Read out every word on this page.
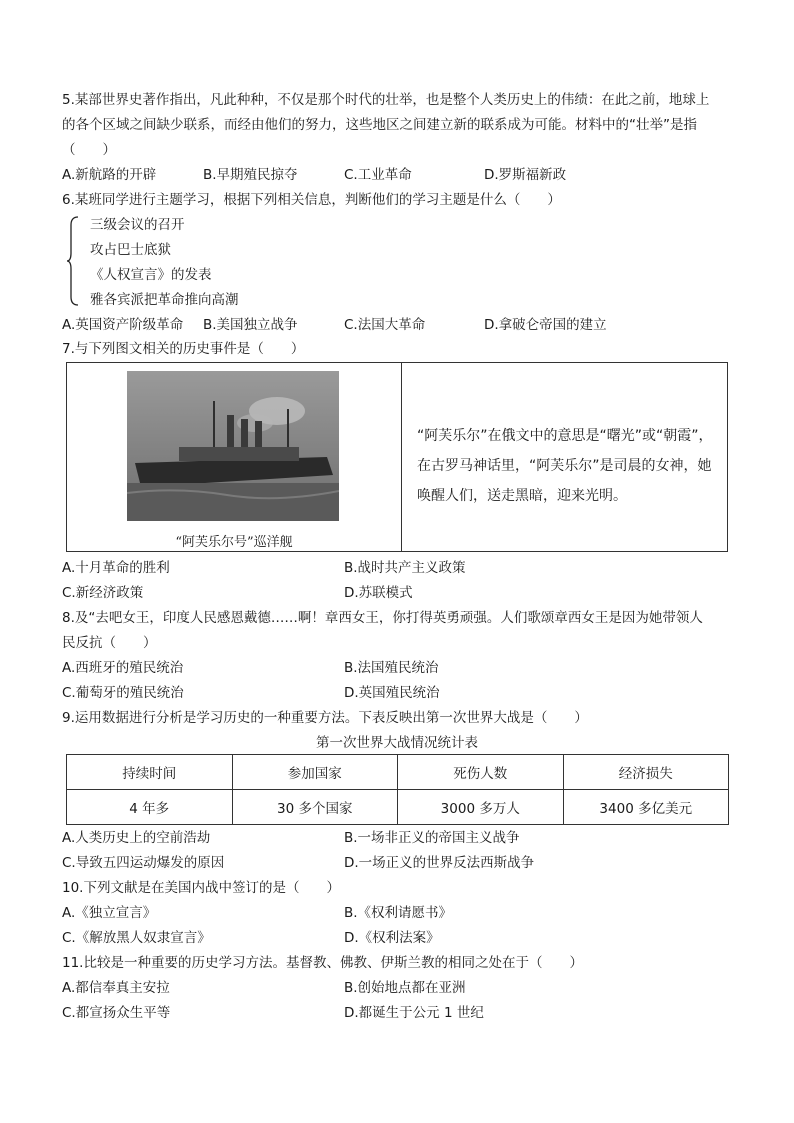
5.某部世界史著作指出，凡此种种，不仅是那个时代的壮举，也是整个人类历史上的伟绩：在此之前，地球上
的各个区域之间缺少联系，而经由他们的努力，这些地区之间建立新的联系成为可能。材料中的“壮举”是指
（　　）
A.新航路的开辟	B.早期殖民掠夺	C.工业革命	D.罗斯福新政
6.某班同学进行主题学习，根据下列相关信息，判断他们的学习主题是什么（　　）
三级会议的召开
攻占巴士底狱
《人权宣言》的发表
雅各宾派把革命推向高潮
A.英国资产阶级革命 B.美国独立战争	C.法国大革命	D.拿破仑帝国的建立
7.与下列图文相关的历史事件是（　　）
“阿芙乐尔号”巡洋舰
“阿芙乐尔”在俄文中的意思是“曙光”或“朝霞”，在古罗马神话里，“阿芙乐尔”是司晨的女神，她唤醒人们，送走黑暗，迎来光明。
A.十月革命的胜利	B.战时共产主义政策
C.新经济政策	D.苏联模式
8.及“去吧女王，印度人民感恩戴德……啊！章西女王，你打得英勇顽强。人们歌颂章西女王是因为她带领人
民反抗（　　）
A.西班牙的殖民统治	B.法国殖民统治
C.葡萄牙的殖民统治	D.英国殖民统治
9.运用数据进行分析是学习历史的一种重要方法。下表反映出第一次世界大战是（　　）
第一次世界大战情况统计表
持续时间	参加国家	死伤人数	经济损失
4 年多	30 多个国家	3000 多万人	3400 多亿美元
A.人类历史上的空前浩劫	B.一场非正义的帝国主义战争
C.导致五四运动爆发的原因	D.一场正义的世界反法西斯战争
10.下列文献是在美国内战中签订的是（　　）
A.《独立宣言》	B.《权利请愿书》
C.《解放黑人奴隶宣言》	D.《权利法案》
11.比较是一种重要的历史学习方法。基督教、佛教、伊斯兰教的相同之处在于（　　）
A.都信奉真主安拉	B.创始地点都在亚洲
C.都宣扬众生平等	D.都诞生于公元 1 世纪
